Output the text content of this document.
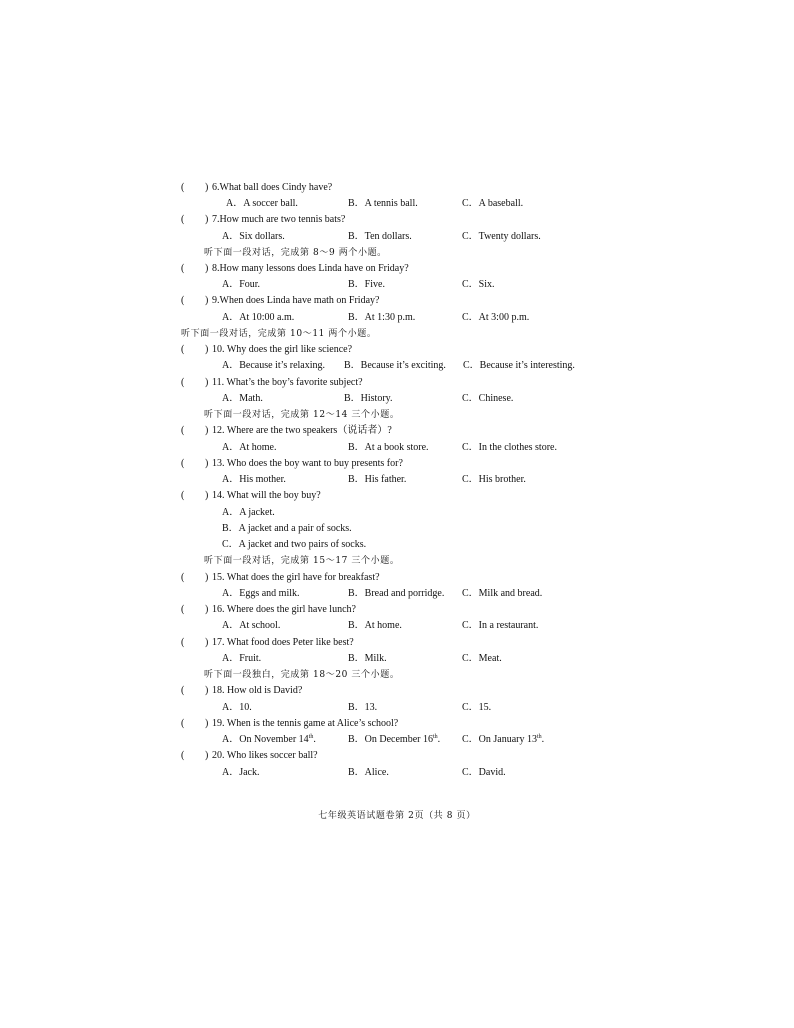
( ) 6.What ball does Cindy have?
A．A soccer ball.	B．A tennis ball.	C．A baseball.
( ) 7.How much are two tennis bats?
A．Six dollars.	B．Ten dollars.	C．Twenty dollars.
听下面一段对话，完成第 8～9 两个小题。
( ) 8.How many lessons does Linda have on Friday?
A．Four.	B．Five.	C．Six.
( ) 9.When does Linda have math on Friday?
A．At 10:00 a.m.	B．At 1:30 p.m.	C．At 3:00 p.m.
听下面一段对话，完成第 10～11 两个小题。
( ) 10. Why does the girl like science?
A．Because it’s relaxing. B．Because it’s exciting. C．Because it’s interesting.
( ) 11. What’s the boy’s favorite subject?
A．Math.	B．History.	C．Chinese.
听下面一段对话，完成第 12～14 三个小题。
( ) 12. Where are the two speakers（说话者）?
A．At home.	B．At a book store.	C．In the clothes store.
( ) 13. Who does the boy want to buy presents for?
A．His mother.	B．His father.	C．His brother.
( ) 14. What will the boy buy?
A．A jacket.
B．A jacket and a pair of socks.
C．A jacket and two pairs of socks.
听下面一段对话，完成第 15～17 三个小题。
( ) 15. What does the girl have for breakfast?
A．Eggs and milk.	B．Bread and porridge. C．Milk and bread.
( ) 16. Where does the girl have lunch?
A．At school.	B．At home.	C．In a restaurant.
( ) 17. What food does Peter like best?
A．Fruit.	B．Milk.	C．Meat.
听下面一段独白，完成第 18～20 三个小题。
( ) 18. How old is David?
A．10.	B．13.	C．15.
( ) 19. When is the tennis game at Alice’s school?
A．On November 14th.	B．On December 16th. C．On January 13th.
( ) 20. Who likes soccer ball?
A．Jack.	B．Alice.	C．David.
七年级英语试题卷第 2页（共 8 页）
